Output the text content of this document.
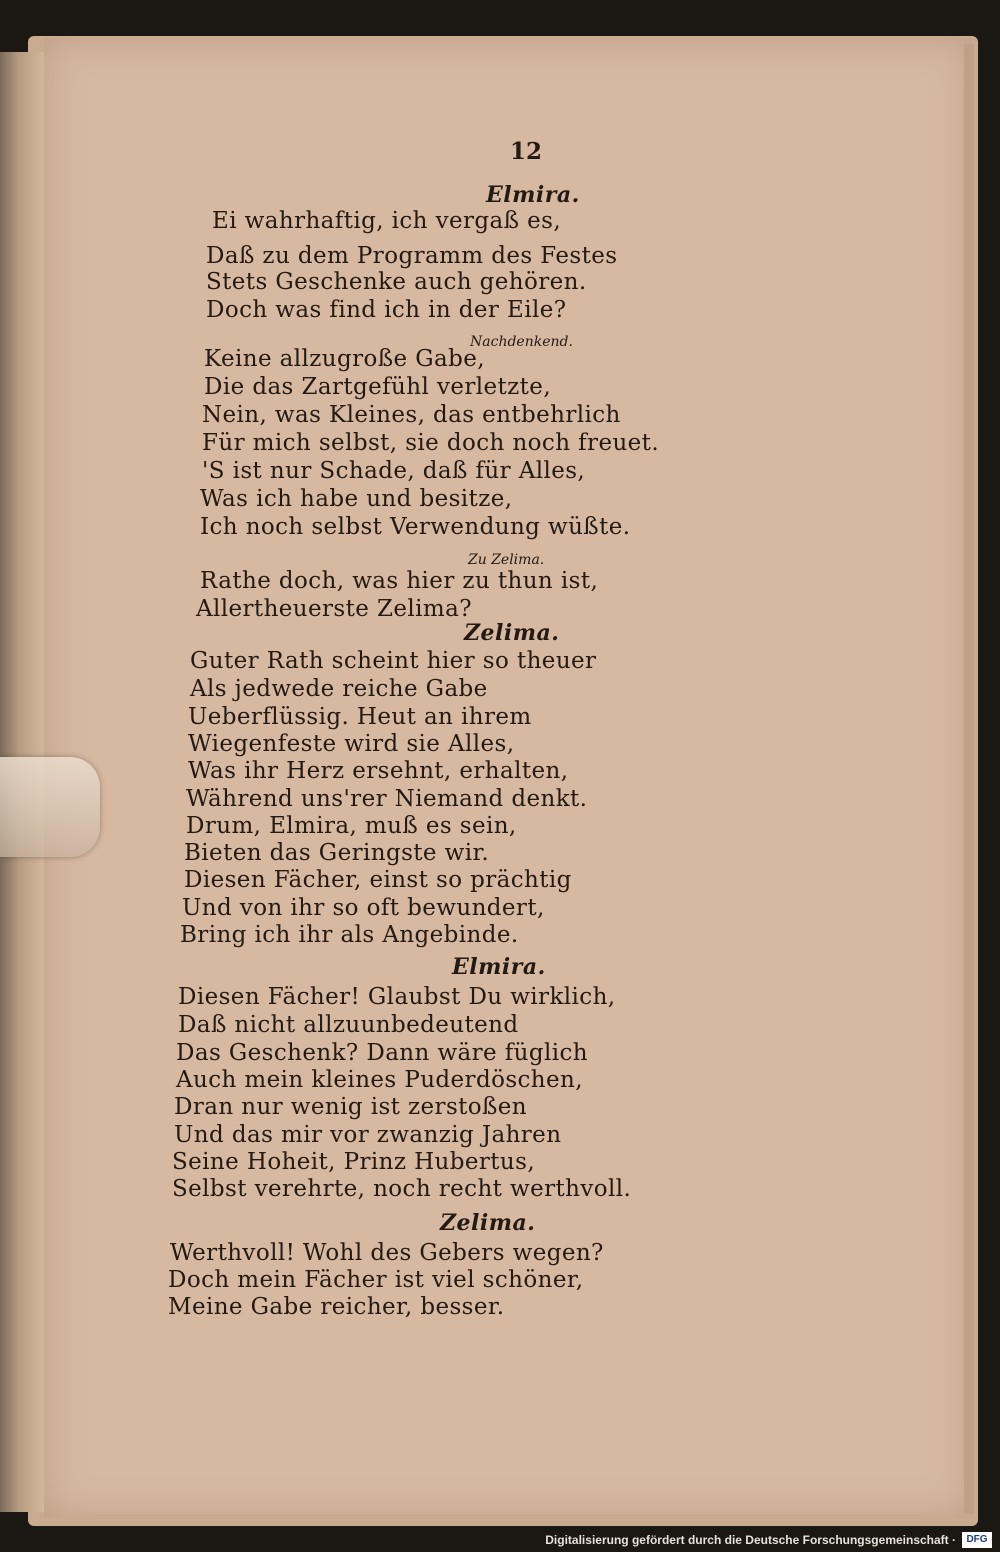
12
Elmira.
Ei wahrhaftig, ich vergaß es,
Daß zu dem Programm des Festes
Stets Geschenke auch gehören.
Doch was find ich in der Eile?
Nachdenkend.
Keine allzugroße Gabe,
Die das Zartgefühl verletzte,
Nein, was Kleines, das entbehrlich
Für mich selbst, sie doch noch freuet.
'S ist nur Schade, daß für Alles,
Was ich habe und besitze,
Ich noch selbst Verwendung wüßte.
Zu Zelima.
Rathe doch, was hier zu thun ist,
Allertheuerste Zelima?
Zelima.
Guter Rath scheint hier so theuer
Als jedwede reiche Gabe
Ueberflüssig. Heut an ihrem
Wiegenfeste wird sie Alles,
Was ihr Herz ersehnt, erhalten,
Während uns'rer Niemand denkt.
Drum, Elmira, muß es sein,
Bieten das Geringste wir.
Diesen Fächer, einst so prächtig
Und von ihr so oft bewundert,
Bring ich ihr als Angebinde.
Elmira.
Diesen Fächer! Glaubst Du wirklich,
Daß nicht allzuunbedeutend
Das Geschenk? Dann wäre füglich
Auch mein kleines Puderdöschen,
Dran nur wenig ist zerstoßen
Und das mir vor zwanzig Jahren
Seine Hoheit, Prinz Hubertus,
Selbst verehrte, noch recht werthvoll.
Zelima.
Werthvoll! Wohl des Gebers wegen?
Doch mein Fächer ist viel schöner,
Meine Gabe reicher, besser.
Digitalisierung gefördert durch die Deutsche Forschungsgemeinschaft ·	DFG
